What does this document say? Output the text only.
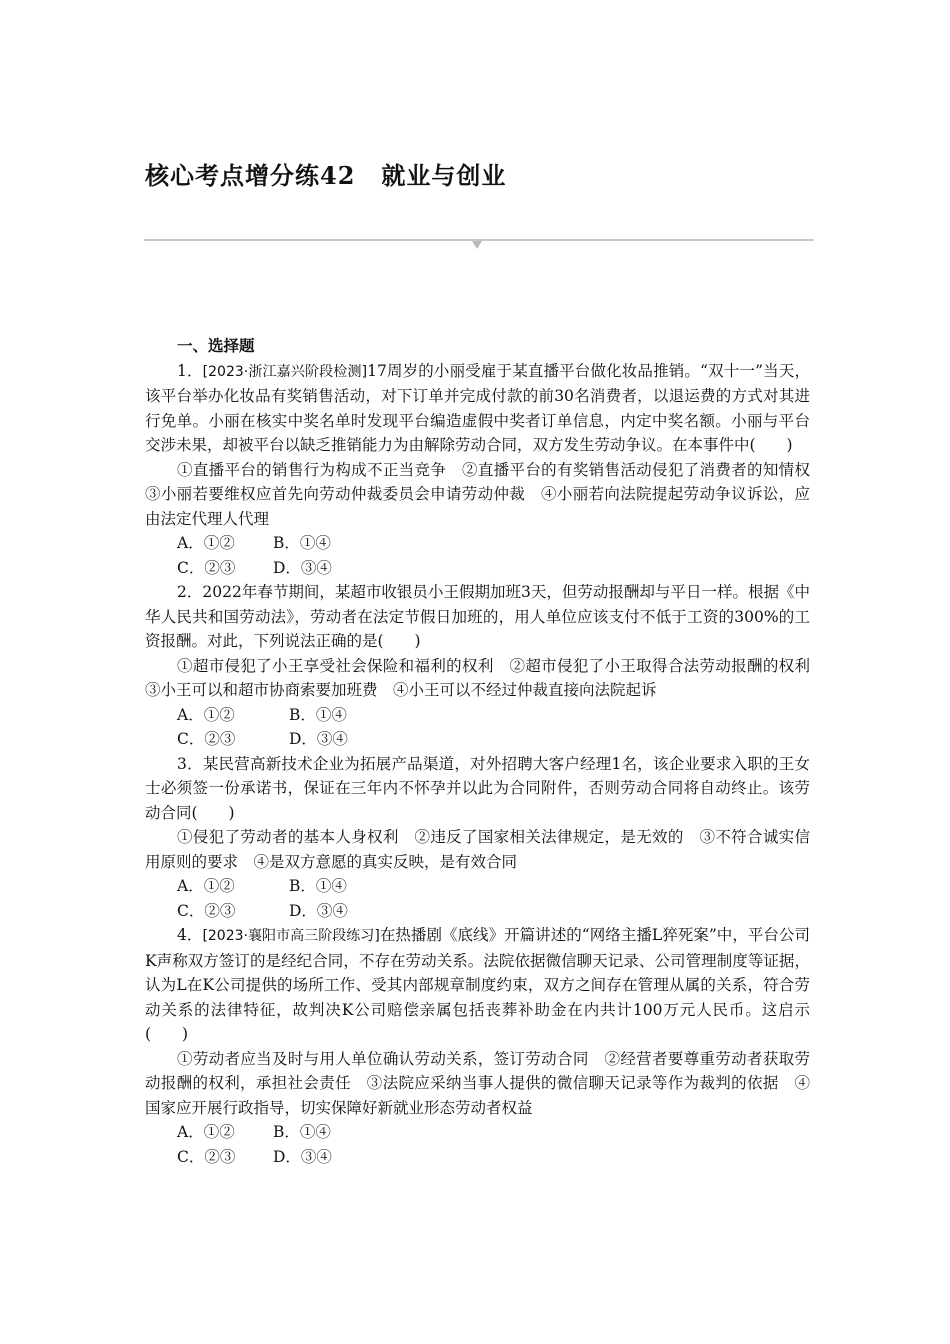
核心考点增分练42 就业与创业
一、选择题
1．[2023·浙江嘉兴阶段检测]17周岁的小丽受雇于某直播平台做化妆品推销。“双十一”当天，该平台举办化妆品有奖销售活动，对下订单并完成付款的前30名消费者，以退运费的方式对其进行免单。小丽在核实中奖名单时发现平台编造虚假中奖者订单信息，内定中奖名额。小丽与平台交涉未果，却被平台以缺乏推销能力为由解除劳动合同，双方发生劳动争议。在本事件中(　　)
①直播平台的销售行为构成不正当竞争　②直播平台的有奖销售活动侵犯了消费者的知情权　③小丽若要维权应首先向劳动仲裁委员会申请劳动仲裁　④小丽若向法院提起劳动争议诉讼，应由法定代理人代理
A．①② B．①④
C．②③ D．③④
2．2022年春节期间，某超市收银员小王假期加班3天，但劳动报酬却与平日一样。根据《中华人民共和国劳动法》，劳动者在法定节假日加班的，用人单位应该支付不低于工资的300%的工资报酬。对此，下列说法正确的是(　　)
①超市侵犯了小王享受社会保险和福利的权利　②超市侵犯了小王取得合法劳动报酬的权利　③小王可以和超市协商索要加班费　④小王可以不经过仲裁直接向法院起诉
A．①②	B．①④
C．②③	D．③④
3．某民营高新技术企业为拓展产品渠道，对外招聘大客户经理1名，该企业要求入职的王女士必须签一份承诺书，保证在三年内不怀孕并以此为合同附件，否则劳动合同将自动终止。该劳动合同(　　)
①侵犯了劳动者的基本人身权利　②违反了国家相关法律规定，是无效的　③不符合诚实信用原则的要求　④是双方意愿的真实反映，是有效合同
A．①②	B．①④
C．②③	D．③④
4．[2023·襄阳市高三阶段练习]在热播剧《底线》开篇讲述的“网络主播L猝死案”中，平台公司K声称双方签订的是经纪合同，不存在劳动关系。法院依据微信聊天记录、公司管理制度等证据，认为L在K公司提供的场所工作、受其内部规章制度约束，双方之间存在管理从属的关系，符合劳动关系的法律特征，故判决K公司赔偿亲属包括丧葬补助金在内共计100万元人民币。这启示(　　)
①劳动者应当及时与用人单位确认劳动关系，签订劳动合同　②经营者要尊重劳动者获取劳动报酬的权利，承担社会责任　③法院应采纳当事人提供的微信聊天记录等作为裁判的依据　④国家应开展行政指导，切实保障好新就业形态劳动者权益
A．①② B．①④
C．②③ D．③④
